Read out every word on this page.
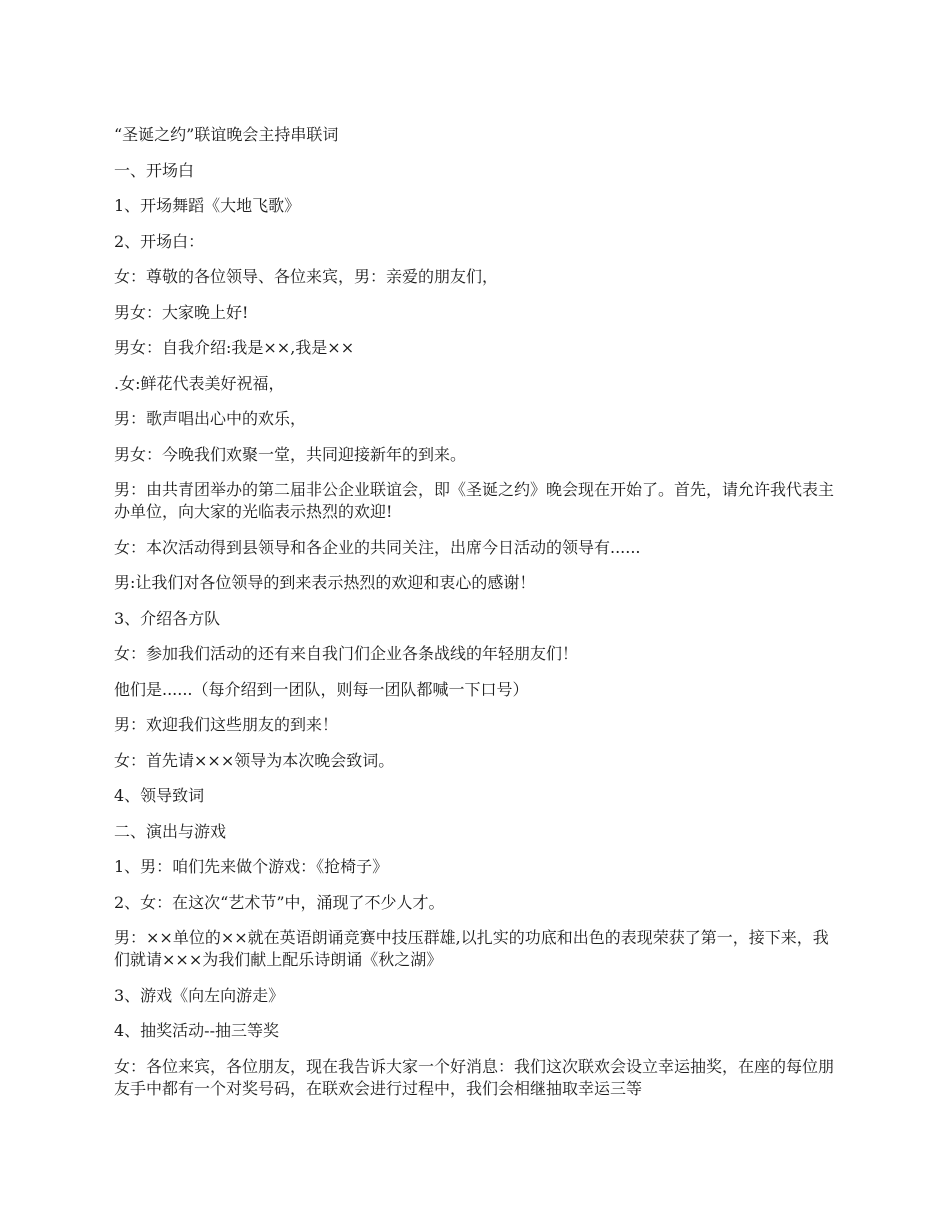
“圣诞之约”联谊晚会主持串联词

一、开场白

1、开场舞蹈《大地飞歌》

2、开场白：

女：尊敬的各位领导、各位来宾，男：亲爱的朋友们，

男女：大家晚上好!

男女：自我介绍:我是××,我是××

.女:鲜花代表美好祝福，

男：歌声唱出心中的欢乐，

男女：今晚我们欢聚一堂，共同迎接新年的到来。

男：由共青团举办的第二届非公企业联谊会，即《圣诞之约》晚会现在开始了。首先，请允许我代表主办单位，向大家的光临表示热烈的欢迎!

女：本次活动得到县领导和各企业的共同关注，出席今日活动的领导有......

男:让我们对各位领导的到来表示热烈的欢迎和衷心的感谢！

3、介绍各方队

女：参加我们活动的还有来自我门们企业各条战线的年轻朋友们！

他们是......（每介绍到一团队，则每一团队都喊一下口号）

男：欢迎我们这些朋友的到来！

女：首先请×××领导为本次晚会致词。

4、领导致词

二、演出与游戏

1、男：咱们先来做个游戏：《抢椅子》

2、女：在这次“艺术节”中，涌现了不少人才。

男：××单位的××就在英语朗诵竞赛中技压群雄,以扎实的功底和出色的表现荣获了第一，接下来，我们就请×××为我们献上配乐诗朗诵《秋之湖》

3、游戏《向左向游走》

4、抽奖活动--抽三等奖

女：各位来宾，各位朋友，现在我告诉大家一个好消息：我们这次联欢会设立幸运抽奖，在座的每位朋友手中都有一个对奖号码，在联欢会进行过程中，我们会相继抽取幸运三等
